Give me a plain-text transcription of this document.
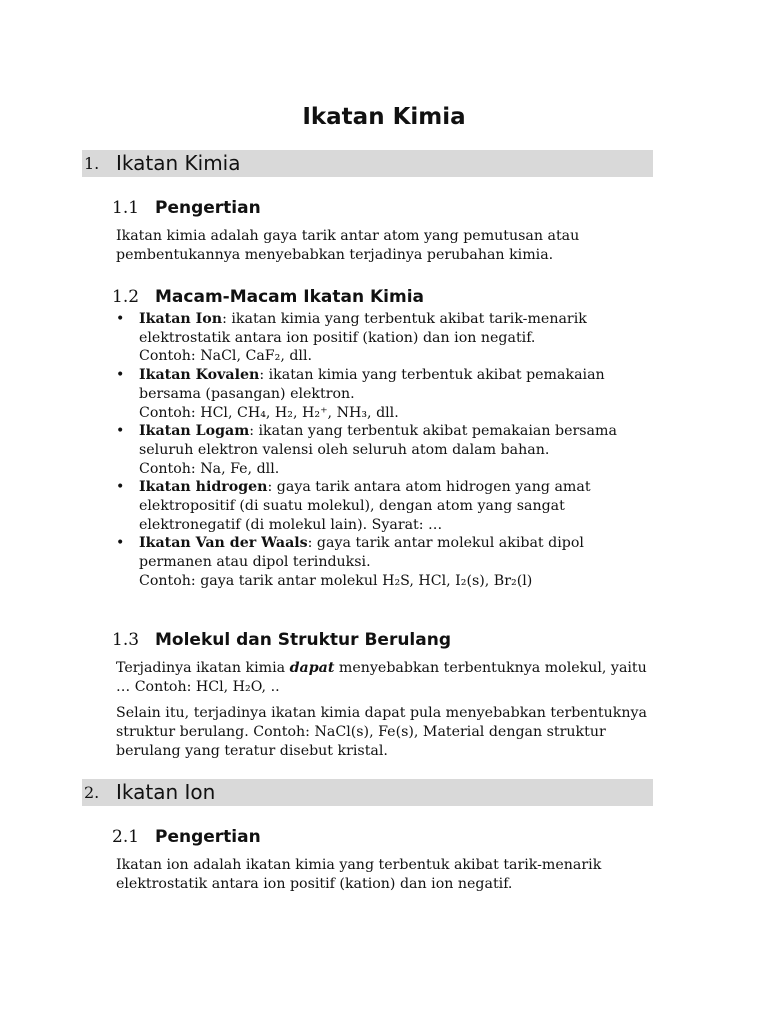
Ikatan Kimia
1. Ikatan Kimia
1.1 Pengertian

Ikatan kimia adalah gaya tarik antar atom yang pemutusan atau pembentukannya menyebabkan terjadinya perubahan kimia.

1.2 Macam-Macam Ikatan Kimia
• Ikatan Ion: ikatan kimia yang terbentuk akibat tarik-menarik elektrostatik antara ion positif (kation) dan ion negatif.
Contoh: NaCl, CaF₂, dll.
• Ikatan Kovalen: ikatan kimia yang terbentuk akibat pemakaian bersama (pasangan) elektron.
Contoh: HCl, CH₄, H₂, H₂⁺, NH₃, dll.
• Ikatan Logam: ikatan yang terbentuk akibat pemakaian bersama seluruh elektron valensi oleh seluruh atom dalam bahan.
Contoh: Na, Fe, dll.
• Ikatan hidrogen: gaya tarik antara atom hidrogen yang amat elektropositif (di suatu molekul), dengan atom yang sangat elektronegatif (di molekul lain). Syarat: …
• Ikatan Van der Waals: gaya tarik antar molekul akibat dipol permanen atau dipol terinduksi.
Contoh: gaya tarik antar molekul H₂S, HCl, I₂(s), Br₂(l)
1.3 Molekul dan Struktur Berulang

Terjadinya ikatan kimia dapat menyebabkan terbentuknya molekul, yaitu … Contoh: HCl, H₂O, ..

Selain itu, terjadinya ikatan kimia dapat pula menyebabkan terbentuknya struktur berulang. Contoh: NaCl(s), Fe(s), Material dengan struktur berulang yang teratur disebut kristal.

2. Ikatan Ion
2.1 Pengertian

Ikatan ion adalah ikatan kimia yang terbentuk akibat tarik-menarik elektrostatik antara ion positif (kation) dan ion negatif.
